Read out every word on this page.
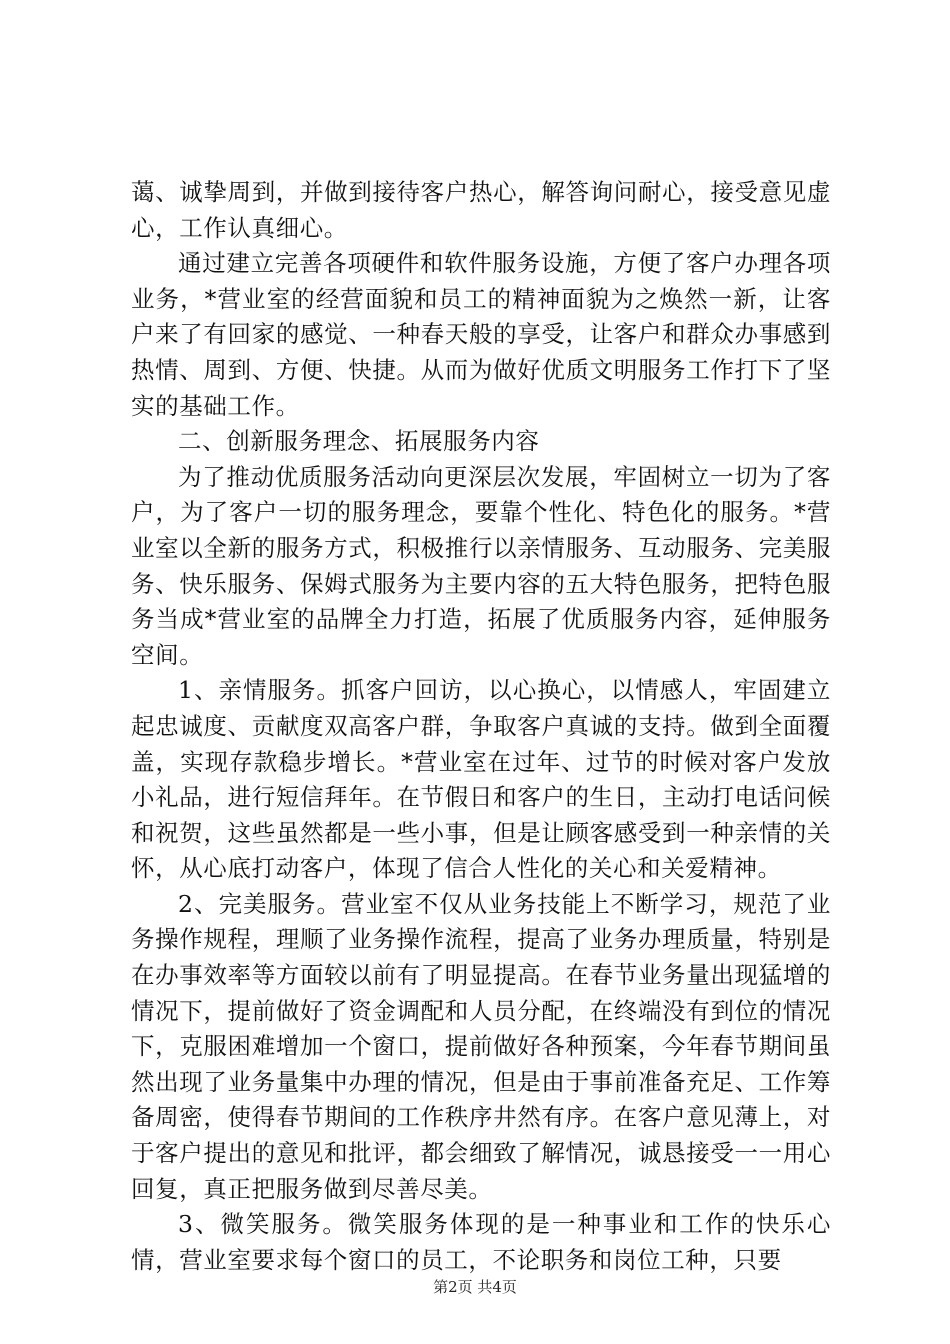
蔼、诚挚周到，并做到接待客户热心，解答询问耐心，接受意见虚心，工作认真细心。

通过建立完善各项硬件和软件服务设施，方便了客户办理各项业务，*营业室的经营面貌和员工的精神面貌为之焕然一新，让客户来了有回家的感觉、一种春天般的享受，让客户和群众办事感到热情、周到、方便、快捷。从而为做好优质文明服务工作打下了坚实的基础工作。

二、创新服务理念、拓展服务内容

为了推动优质服务活动向更深层次发展，牢固树立一切为了客户，为了客户一切的服务理念，要靠个性化、特色化的服务。*营业室以全新的服务方式，积极推行以亲情服务、互动服务、完美服务、快乐服务、保姆式服务为主要内容的五大特色服务，把特色服务当成*营业室的品牌全力打造，拓展了优质服务内容，延伸服务空间。

1、亲情服务。抓客户回访，以心换心，以情感人，牢固建立起忠诚度、贡献度双高客户群，争取客户真诚的支持。做到全面覆盖，实现存款稳步增长。*营业室在过年、过节的时候对客户发放小礼品，进行短信拜年。在节假日和客户的生日，主动打电话问候和祝贺，这些虽然都是一些小事，但是让顾客感受到一种亲情的关怀，从心底打动客户，体现了信合人性化的关心和关爱精神。

2、完美服务。营业室不仅从业务技能上不断学习，规范了业务操作规程，理顺了业务操作流程，提高了业务办理质量，特别是在办事效率等方面较以前有了明显提高。在春节业务量出现猛增的情况下，提前做好了资金调配和人员分配，在终端没有到位的情况下，克服困难增加一个窗口，提前做好各种预案，今年春节期间虽然出现了业务量集中办理的情况，但是由于事前准备充足、工作筹备周密，使得春节期间的工作秩序井然有序。在客户意见薄上，对于客户提出的意见和批评，都会细致了解情况，诚恳接受一一用心回复，真正把服务做到尽善尽美。

3、微笑服务。微笑服务体现的是一种事业和工作的快乐心情，营业室要求每个窗口的员工，不论职务和岗位工种，只要

第2页 共4页
